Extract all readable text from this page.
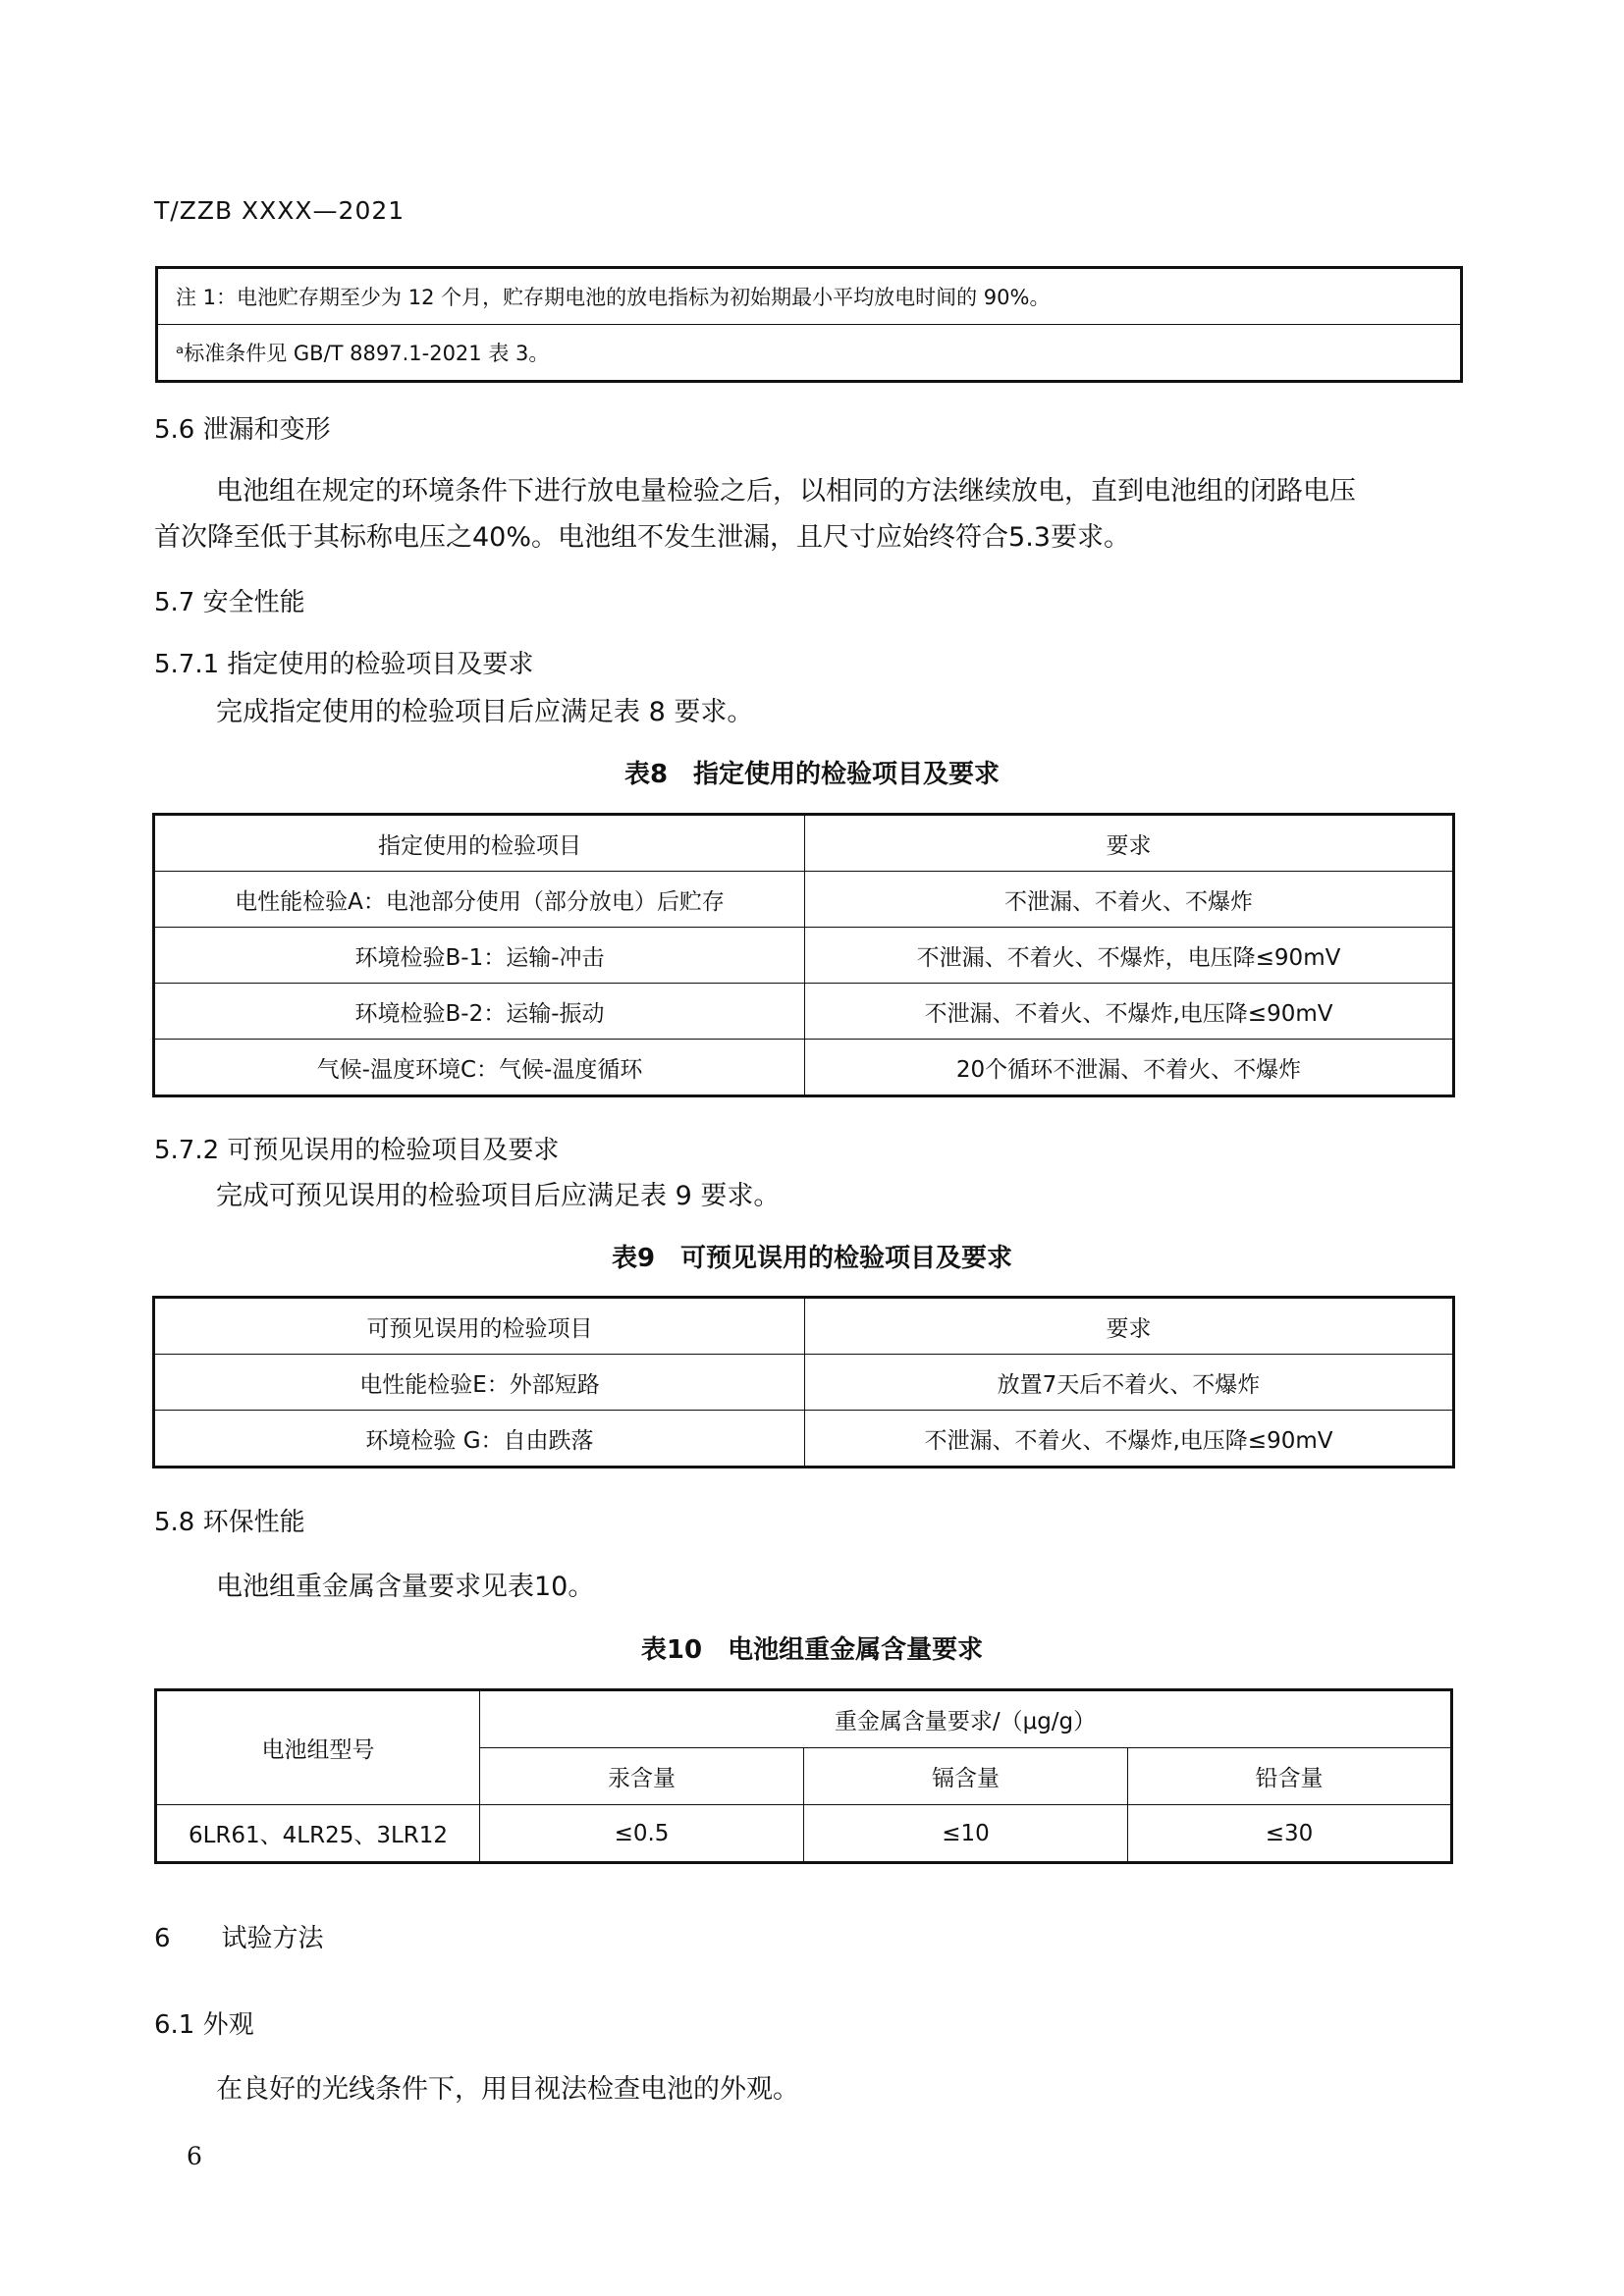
T/ZZB XXXX—2021
注 1：电池贮存期至少为 12 个月，贮存期电池的放电指标为初始期最小平均放电时间的 90%。
ᵃ标准条件见 GB/T 8897.1-2021 表 3。
5.6 泄漏和变形
电池组在规定的环境条件下进行放电量检验之后，以相同的方法继续放电，直到电池组的闭路电压
首次降至低于其标称电压之40%。电池组不发生泄漏，且尺寸应始终符合5.3要求。
5.7 安全性能
5.7.1 指定使用的检验项目及要求
完成指定使用的检验项目后应满足表 8 要求。
表8　指定使用的检验项目及要求
指定使用的检验项目	要求
电性能检验A：电池部分使用（部分放电）后贮存	不泄漏、不着火、不爆炸
环境检验B-1：运输-冲击	不泄漏、不着火、不爆炸，电压降≤90mV
环境检验B-2：运输-振动	不泄漏、不着火、不爆炸,电压降≤90mV
气候-温度环境C：气候-温度循环	20个循环不泄漏、不着火、不爆炸
5.7.2 可预见误用的检验项目及要求
完成可预见误用的检验项目后应满足表 9 要求。
表9　可预见误用的检验项目及要求
可预见误用的检验项目	要求
电性能检验E：外部短路	放置7天后不着火、不爆炸
环境检验 G：自由跌落	不泄漏、不着火、不爆炸,电压降≤90mV
5.8 环保性能
电池组重金属含量要求见表10。
表10　电池组重金属含量要求
电池组型号	重金属含量要求/（μg/g）		
	汞含量	镉含量	铅含量
6LR61、4LR25、3LR12	≤0.5	≤10	≤30
6　　试验方法
6.1 外观
在良好的光线条件下，用目视法检查电池的外观。
6
